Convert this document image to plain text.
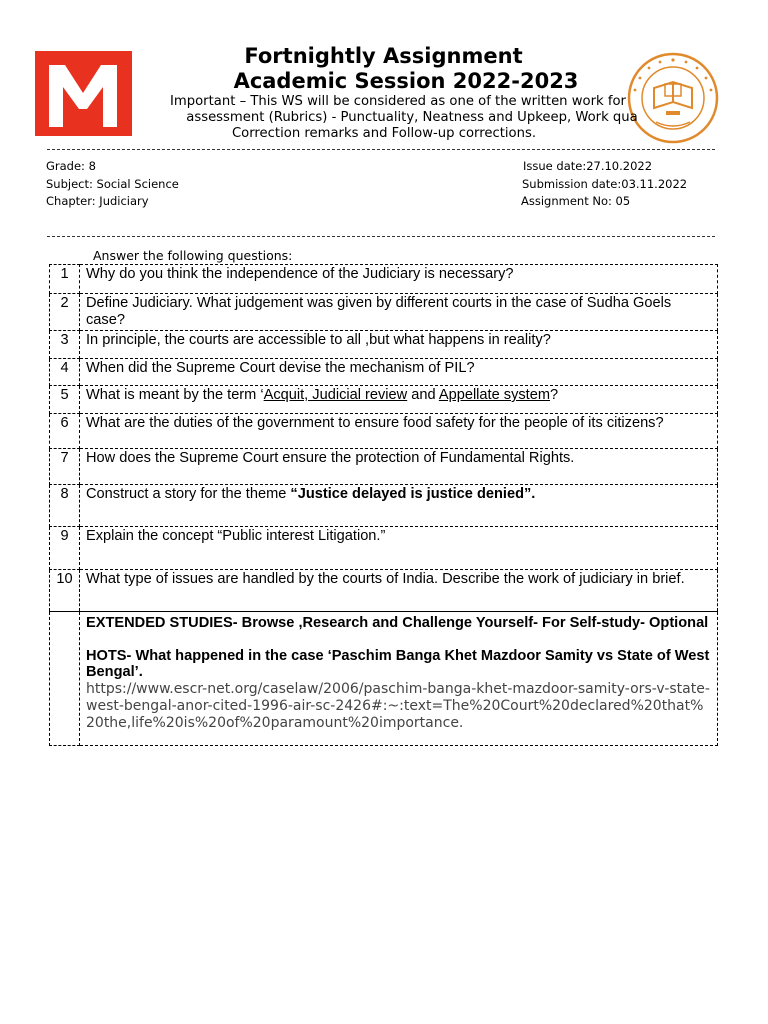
Fortnightly Assignment
Academic Session 2022-2023
Important – This WS will be considered as one of the written work for
assessment (Rubrics) - Punctuality, Neatness and Upkeep, Work qua
Correction remarks and Follow-up corrections.
Grade: 8
Subject: Social Science
Chapter: Judiciary
Issue date:27.10.2022
Submission date:03.11.2022
Assignment No: 05
Answer the following questions:
1	Why do you think the independence of the Judiciary is necessary?
2	Define Judiciary. What judgement was given by different courts in the case of Sudha Goels case?
3	In principle, the courts are accessible to all ,but what happens in reality?
4	When did the Supreme Court devise the mechanism of PIL?
5	What is meant by the term ‘Acquit, Judicial review and Appellate system?
6	What are the duties of the government to ensure food safety for the people of its citizens?
7	How does the Supreme Court ensure the protection of Fundamental Rights.
8	Construct a story for the theme “Justice delayed is justice denied”.
9	Explain the concept “Public interest Litigation.”
10	What type of issues are handled by the courts of India. Describe the work of judiciary in brief.

	EXTENDED STUDIES- Browse ,Research and Challenge Yourself- For Self-study- Optional
HOTS- What happened in the case ‘Paschim Banga Khet Mazdoor Samity vs State of West Bengal’.
https://www.escr-net.org/caselaw/2006/paschim-banga-khet-mazdoor-samity-ors-v-state-west-bengal-anor-cited-1996-air-sc-2426#:~:text=The%20Court%20declared%20that%20the,life%20is%20of%20paramount%20importance.
